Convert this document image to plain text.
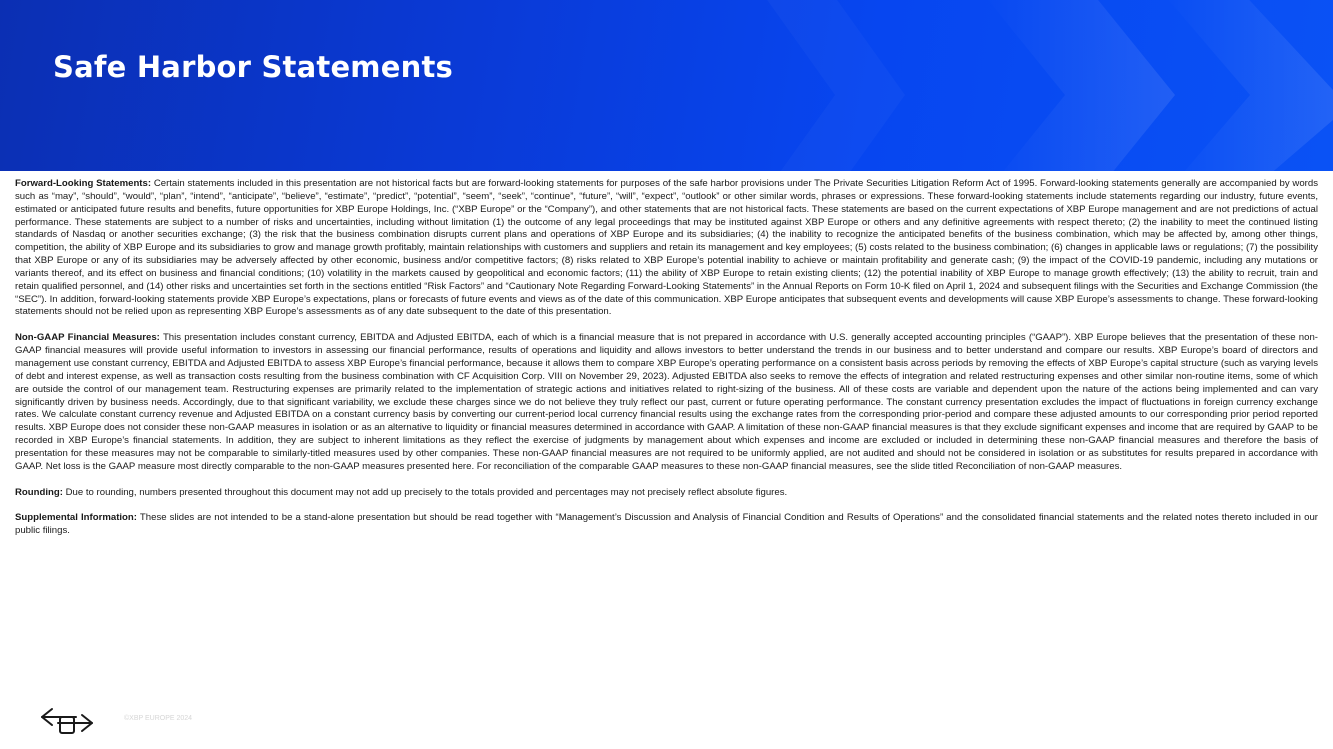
Safe Harbor Statements

Forward-Looking Statements: Certain statements included in this presentation are not historical facts but are forward-looking statements for purposes of the safe harbor provisions under The Private Securities Litigation Reform Act of 1995. Forward-looking statements generally are accompanied by words such as “may”, “should”, “would”, “plan”, “intend”, “anticipate”, “believe”, “estimate”, “predict”, “potential”, “seem”, “seek”, “continue”, “future”, “will”, “expect”, “outlook” or other similar words, phrases or expressions. These forward-looking statements include statements regarding our industry, future events, estimated or anticipated future results and benefits, future opportunities for XBP Europe Holdings, Inc. (“XBP Europe” or the “Company”), and other statements that are not historical facts. These statements are based on the current expectations of XBP Europe management and are not predictions of actual performance. These statements are subject to a number of risks and uncertainties, including without limitation (1) the outcome of any legal proceedings that may be instituted against XBP Europe or others and any definitive agreements with respect thereto; (2) the inability to meet the continued listing standards of Nasdaq or another securities exchange; (3) the risk that the business combination disrupts current plans and operations of XBP Europe and its subsidiaries; (4) the inability to recognize the anticipated benefits of the business combination, which may be affected by, among other things, competition, the ability of XBP Europe and its subsidiaries to grow and manage growth profitably, maintain relationships with customers and suppliers and retain its management and key employees; (5) costs related to the business combination; (6) changes in applicable laws or regulations; (7) the possibility that XBP Europe or any of its subsidiaries may be adversely affected by other economic, business and/or competitive factors; (8) risks related to XBP Europe’s potential inability to achieve or maintain profitability and generate cash; (9) the impact of the COVID-19 pandemic, including any mutations or variants thereof, and its effect on business and financial conditions; (10) volatility in the markets caused by geopolitical and economic factors; (11) the ability of XBP Europe to retain existing clients; (12) the potential inability of XBP Europe to manage growth effectively; (13) the ability to recruit, train and retain qualified personnel, and (14) other risks and uncertainties set forth in the sections entitled “Risk Factors” and “Cautionary Note Regarding Forward-Looking Statements” in the Annual Reports on Form 10-K filed on April 1, 2024 and subsequent filings with the Securities and Exchange Commission (the “SEC”). In addition, forward-looking statements provide XBP Europe’s expectations, plans or forecasts of future events and views as of the date of this communication. XBP Europe anticipates that subsequent events and developments will cause XBP Europe’s assessments to change. These forward-looking statements should not be relied upon as representing XBP Europe’s assessments as of any date subsequent to the date of this presentation.

Non-GAAP Financial Measures: This presentation includes constant currency, EBITDA and Adjusted EBITDA, each of which is a financial measure that is not prepared in accordance with U.S. generally accepted accounting principles (“GAAP”). XBP Europe believes that the presentation of these non-GAAP financial measures will provide useful information to investors in assessing our financial performance, results of operations and liquidity and allows investors to better understand the trends in our business and to better understand and compare our results. XBP Europe’s board of directors and management use constant currency, EBITDA and Adjusted EBITDA to assess XBP Europe’s financial performance, because it allows them to compare XBP Europe’s operating performance on a consistent basis across periods by removing the effects of XBP Europe’s capital structure (such as varying levels of debt and interest expense, as well as transaction costs resulting from the business combination with CF Acquisition Corp. VIII on November 29, 2023). Adjusted EBITDA also seeks to remove the effects of integration and related restructuring expenses and other similar non-routine items, some of which are outside the control of our management team. Restructuring expenses are primarily related to the implementation of strategic actions and initiatives related to right-sizing of the business. All of these costs are variable and dependent upon the nature of the actions being implemented and can vary significantly driven by business needs. Accordingly, due to that significant variability, we exclude these charges since we do not believe they truly reflect our past, current or future operating performance. The constant currency presentation excludes the impact of fluctuations in foreign currency exchange rates. We calculate constant currency revenue and Adjusted EBITDA on a constant currency basis by converting our current-period local currency financial results using the exchange rates from the corresponding prior-period and compare these adjusted amounts to our corresponding prior period reported results. XBP Europe does not consider these non-GAAP measures in isolation or as an alternative to liquidity or financial measures determined in accordance with GAAP. A limitation of these non-GAAP financial measures is that they exclude significant expenses and income that are required by GAAP to be recorded in XBP Europe’s financial statements. In addition, they are subject to inherent limitations as they reflect the exercise of judgments by management about which expenses and income are excluded or included in determining these non-GAAP financial measures and therefore the basis of presentation for these measures may not be comparable to similarly-titled measures used by other companies. These non-GAAP financial measures are not required to be uniformly applied, are not audited and should not be considered in isolation or as substitutes for results prepared in accordance with GAAP. Net loss is the GAAP measure most directly comparable to the non-GAAP measures presented here. For reconciliation of the comparable GAAP measures to these non-GAAP financial measures, see the slide titled Reconciliation of non-GAAP measures.

Rounding: Due to rounding, numbers presented throughout this document may not add up precisely to the totals provided and percentages may not precisely reflect absolute figures.

Supplemental Information: These slides are not intended to be a stand-alone presentation but should be read together with “Management’s Discussion and Analysis of Financial Condition and Results of Operations” and the consolidated financial statements and the related notes thereto included in our public filings.

©XBP EUROPE 2024
